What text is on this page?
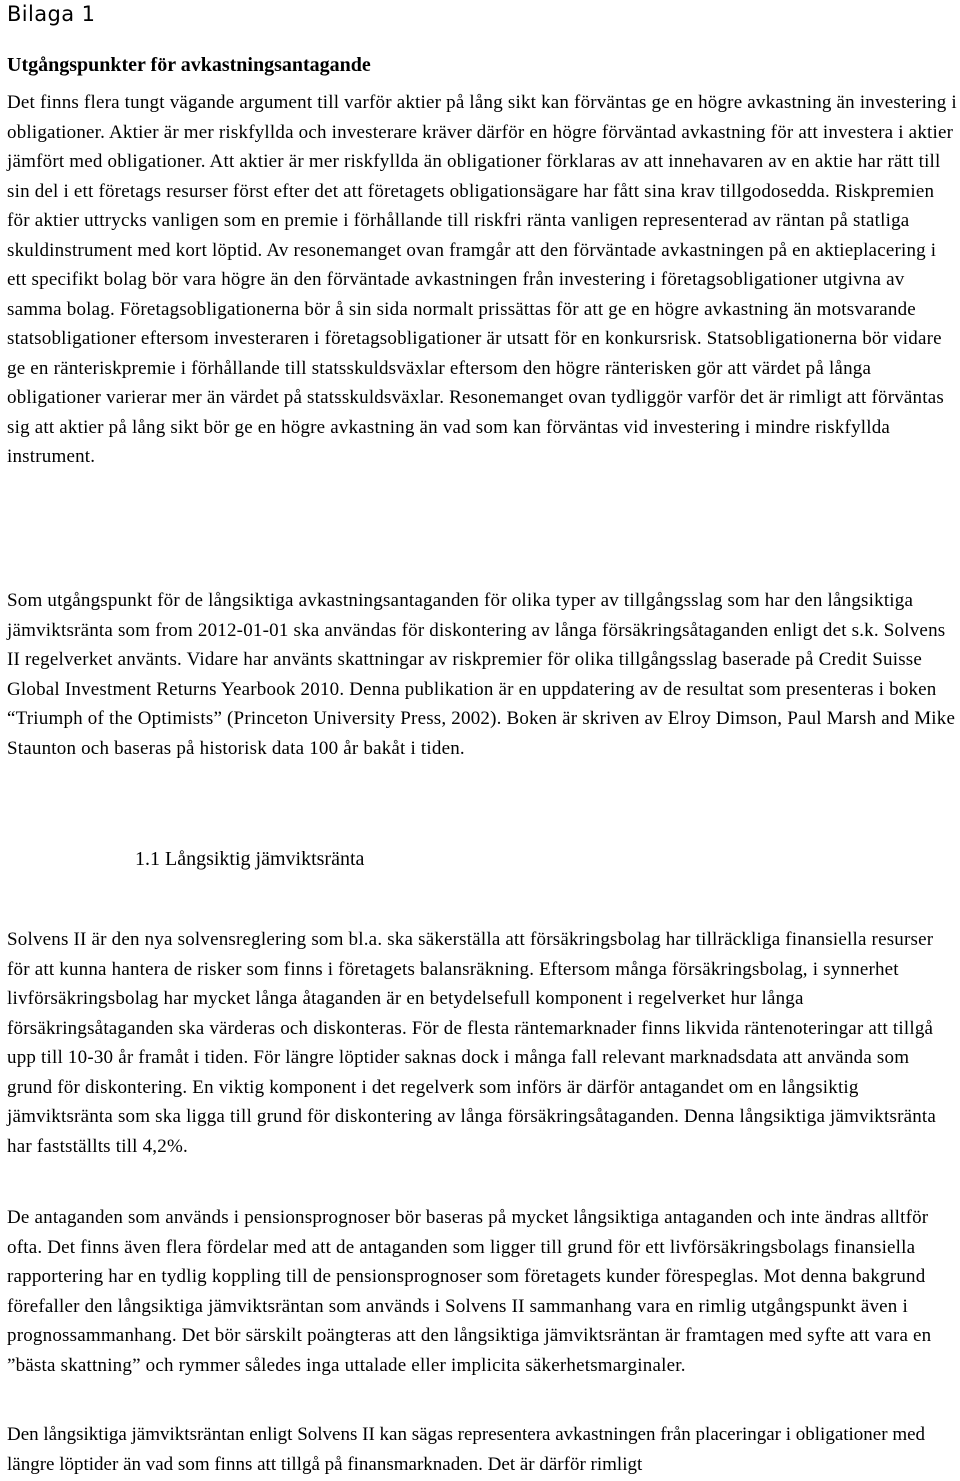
Bilaga 1
Utgångspunkter för avkastningsantagande

Det finns flera tungt vägande argument till varför aktier på lång sikt kan förväntas ge en högre avkastning än investering i obligationer. Aktier är mer riskfyllda och investerare kräver därför en högre förväntad avkastning för att investera i aktier jämfört med obligationer. Att aktier är mer riskfyllda än obligationer förklaras av att innehavaren av en aktie har rätt till sin del i ett företags resurser först efter det att företagets obligationsägare har fått sina krav tillgodosedda. Riskpremien för aktier uttrycks vanligen som en premie i förhållande till riskfri ränta vanligen representerad av räntan på statliga skuldinstrument med kort löptid. Av resonemanget ovan framgår att den förväntade avkastningen på en aktieplacering i ett specifikt bolag bör vara högre än den förväntade avkastningen från investering i företagsobligationer utgivna av samma bolag. Företagsobligationerna bör å sin sida normalt prissättas för att ge en högre avkastning än motsvarande statsobligationer eftersom investeraren i företagsobligationer är utsatt för en konkursrisk. Statsobligationerna bör vidare ge en ränteriskpremie i förhållande till statsskuldsväxlar eftersom den högre ränterisken gör att värdet på långa obligationer varierar mer än värdet på statsskuldsväxlar. Resonemanget ovan tydliggör varför det är rimligt att förväntas sig att aktier på lång sikt bör ge en högre avkastning än vad som kan förväntas vid investering i mindre riskfyllda instrument.

Som utgångspunkt för de långsiktiga avkastningsantaganden för olika typer av tillgångsslag som har den långsiktiga jämviktsränta som from 2012-01-01 ska användas för diskontering av långa försäkringsåtaganden enligt det s.k. Solvens II regelverket använts. Vidare har använts skattningar av riskpremier för olika tillgångsslag baserade på Credit Suisse Global Investment Returns Yearbook 2010. Denna publikation är en uppdatering av de resultat som presenteras i boken “Triumph of the Optimists” (Princeton University Press, 2002). Boken är skriven av Elroy Dimson, Paul Marsh and Mike Staunton och baseras på historisk data 100 år bakåt i tiden.

1.1 Långsiktig jämviktsränta

Solvens II är den nya solvensreglering som bl.a. ska säkerställa att försäkringsbolag har tillräckliga finansiella resurser för att kunna hantera de risker som finns i företagets balansräkning. Eftersom många försäkringsbolag, i synnerhet livförsäkringsbolag har mycket långa åtaganden är en betydelsefull komponent i regelverket hur långa försäkringsåtaganden ska värderas och diskonteras. För de flesta räntemarknader finns likvida räntenoteringar att tillgå upp till 10-30 år framåt i tiden. För längre löptider saknas dock i många fall relevant marknadsdata att använda som grund för diskontering. En viktig komponent i det regelverk som införs är därför antagandet om en långsiktig jämviktsränta som ska ligga till grund för diskontering av långa försäkringsåtaganden. Denna långsiktiga jämviktsränta har fastställts till 4,2%.

De antaganden som används i pensionsprognoser bör baseras på mycket långsiktiga antaganden och inte ändras alltför ofta. Det finns även flera fördelar med att de antaganden som ligger till grund för ett livförsäkringsbolags finansiella rapportering har en tydlig koppling till de pensionsprognoser som företagets kunder förespeglas. Mot denna bakgrund förefaller den långsiktiga jämviktsräntan som används i Solvens II sammanhang vara en rimlig utgångspunkt även i prognossammanhang. Det bör särskilt poängteras att den långsiktiga jämviktsräntan är framtagen med syfte att vara en ”bästa skattning” och rymmer således inga uttalade eller implicita säkerhetsmarginaler.

Den långsiktiga jämviktsräntan enligt Solvens II kan sägas representera avkastningen från placeringar i obligationer med längre löptider än vad som finns att tillgå på finansmarknaden. Det är därför rimligt
